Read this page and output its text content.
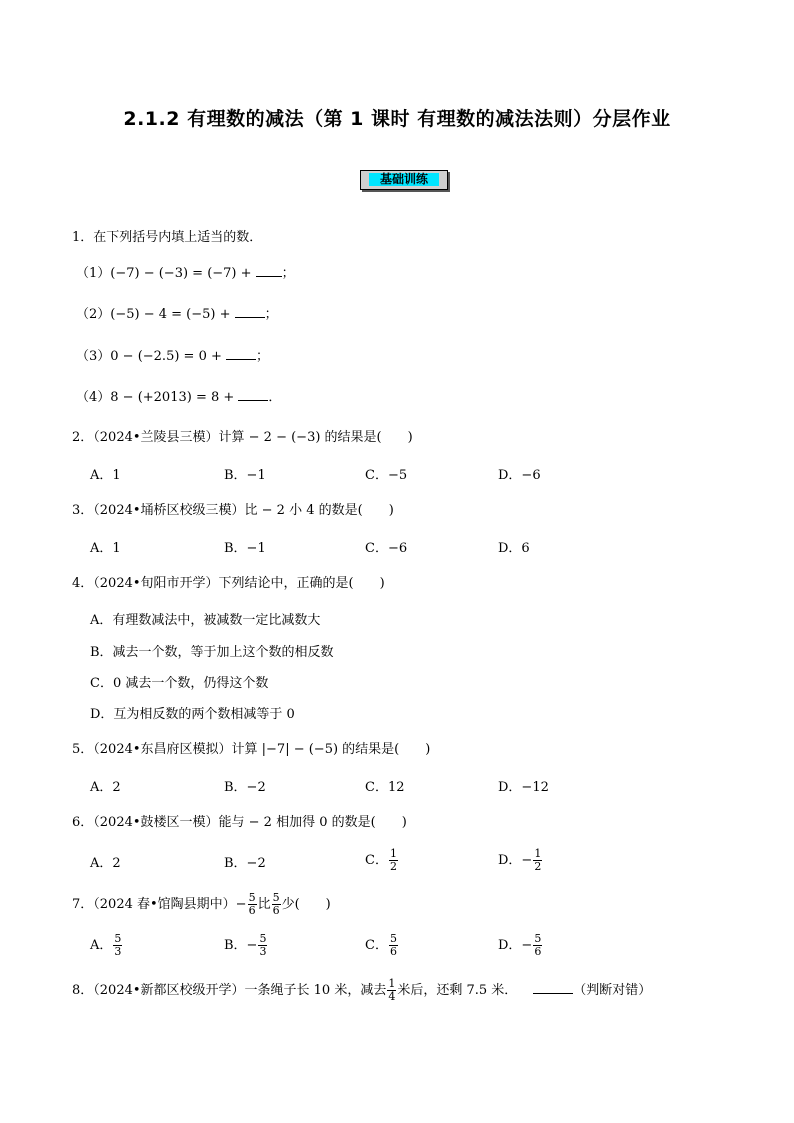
2.1.2 有理数的减法（第 1 课时 有理数的减法法则）分层作业
基础训练
1．在下列括号内填上适当的数．
（1）(−7) − (−3) = (−7) + ；
（2）(−5) − 4 = (−5) + ；
（3）0 − (−2.5) = 0 + ；
（4）8 − (+2013) = 8 + ．
2．（2024•兰陵县三模）计算 − 2 − (−3) 的结果是(　　)
A．1	B．−1	C．−5	D．−6
3．（2024•埇桥区校级三模）比 − 2 小 4 的数是(　　)
A．1	B．−1	C．−6	D．6
4．（2024•旬阳市开学）下列结论中，正确的是(　　)
A．有理数减法中，被减数一定比减数大
B．减去一个数，等于加上这个数的相反数
C．0 减去一个数，仍得这个数
D．互为相反数的两个数相减等于 0
5．（2024•东昌府区模拟）计算 |−7| − (−5) 的结果是(　　)
A．2	B．−2	C．12	D．−12
6．（2024•鼓楼区一模）能与 − 2 相加得 0 的数是(　　)
A．2	B．−2	C． $\frac{1}{2}$	D．− $\frac{1}{2}$
7．（2024 春•馆陶县期中）− $\frac{5}{6}$ 比 $\frac{5}{6}$ 少(　　)
A． $\frac{5}{3}$	B．− $\frac{5}{3}$	C． $\frac{5}{6}$	D．− $\frac{5}{6}$
8．（2024•新都区校级开学）一条绳子长 10 米，减去 $\frac{1}{4}$ 米后，还剩 7.5 米．	（判断对错）
